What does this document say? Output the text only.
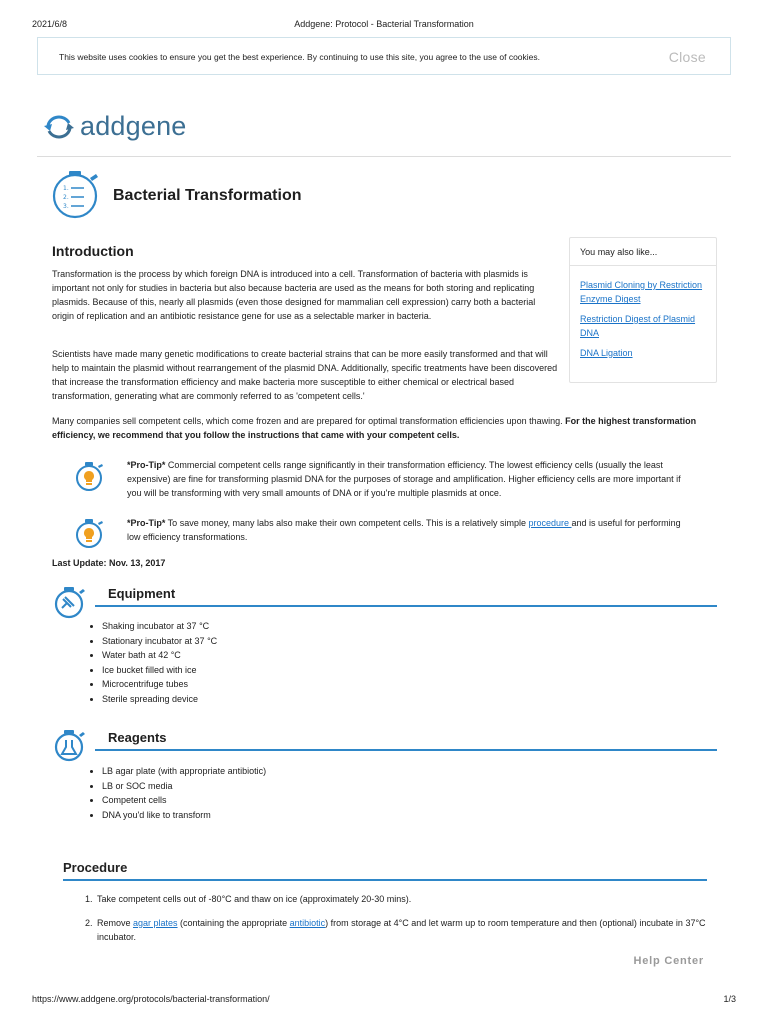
2021/6/8	Addgene: Protocol - Bacterial Transformation
This website uses cookies to ensure you get the best experience. By continuing to use this site, you agree to the use of cookies.	Close
addgene
1.
2.
3.
Bacterial Transformation
Introduction
Transformation is the process by which foreign DNA is introduced into a cell. Transformation of bacteria with plasmids is important not only for studies in bacteria but also because bacteria are used as the means for both storing and replicating plasmids. Because of this, nearly all plasmids (even those designed for mammalian cell expression) carry both a bacterial origin of replication and an antibiotic resistance gene for use as a selectable marker in bacteria.
Scientists have made many genetic modifications to create bacterial strains that can be more easily transformed and that will help to maintain the plasmid without rearrangement of the plasmid DNA. Additionally, specific treatments have been discovered that increase the transformation efficiency and make bacteria more susceptible to either chemical or electrical based transformation, generating what are commonly referred to as 'competent cells.'
Many companies sell competent cells, which come frozen and are prepared for optimal transformation efficiencies upon thawing. For the highest transformation efficiency, we recommend that you follow the instructions that came with your competent cells.
You may also like...
Plasmid Cloning by Restriction Enzyme Digest
Restriction Digest of Plasmid DNA
DNA Ligation
*Pro-Tip* Commercial competent cells range significantly in their transformation efficiency. The lowest efficiency cells (usually the least expensive) are fine for transforming plasmid DNA for the purposes of storage and amplification. Higher efficiency cells are more important if you will be transforming with very small amounts of DNA or if you're multiple plasmids at once.
*Pro-Tip* To save money, many labs also make their own competent cells. This is a relatively simple procedure and is useful for performing low efficiency transformations.
Last Update: Nov. 13, 2017
Equipment
• Shaking incubator at 37 °C
• Stationary incubator at 37 °C
• Water bath at 42 °C
• Ice bucket filled with ice
• Microcentrifuge tubes
• Sterile spreading device
Reagents
• LB agar plate (with appropriate antibiotic)
• LB or SOC media
• Competent cells
• DNA you'd like to transform
Procedure
1. Take competent cells out of -80°C and thaw on ice (approximately 20-30 mins).
2. Remove agar plates (containing the appropriate antibiotic) from storage at 4°C and let warm up to room temperature and then (optional) incubate in 37°C incubator.
Help Center
https://www.addgene.org/protocols/bacterial-transformation/	1/3
